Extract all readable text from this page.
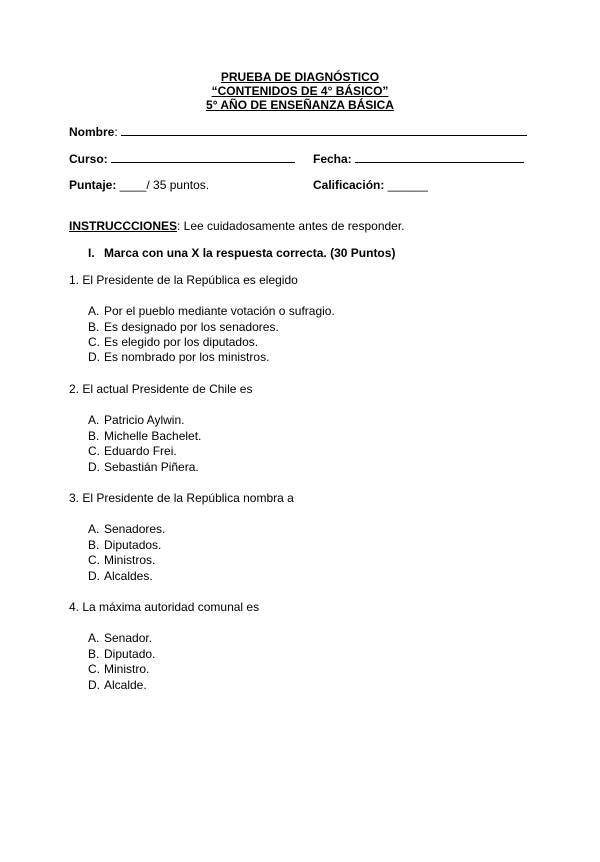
PRUEBA DE DIAGNÓSTICO
“CONTENIDOS DE 4° BÁSICO”
5° AÑO DE ENSEÑANZA BÁSICA
Nombre:
Curso:	Fecha:
Puntaje: ____/ 35 puntos.	Calificación: ______
INSTRUCCCIONES: Lee cuidadosamente antes de responder.
I. Marca con una X la respuesta correcta. (30 Puntos)
1. El Presidente de la República es elegido
A. Por el pueblo mediante votación o sufragio.
B. Es designado por los senadores.
C. Es elegido por los diputados.
D. Es nombrado por los ministros.
2. El actual Presidente de Chile es
A. Patricio Aylwin.
B. Michelle Bachelet.
C. Eduardo Frei.
D. Sebastián Piñera.
3. El Presidente de la República nombra a
A. Senadores.
B. Diputados.
C. Ministros.
D. Alcaldes.
4. La máxima autoridad comunal es
A. Senador.
B. Diputado.
C. Ministro.
D. Alcalde.
